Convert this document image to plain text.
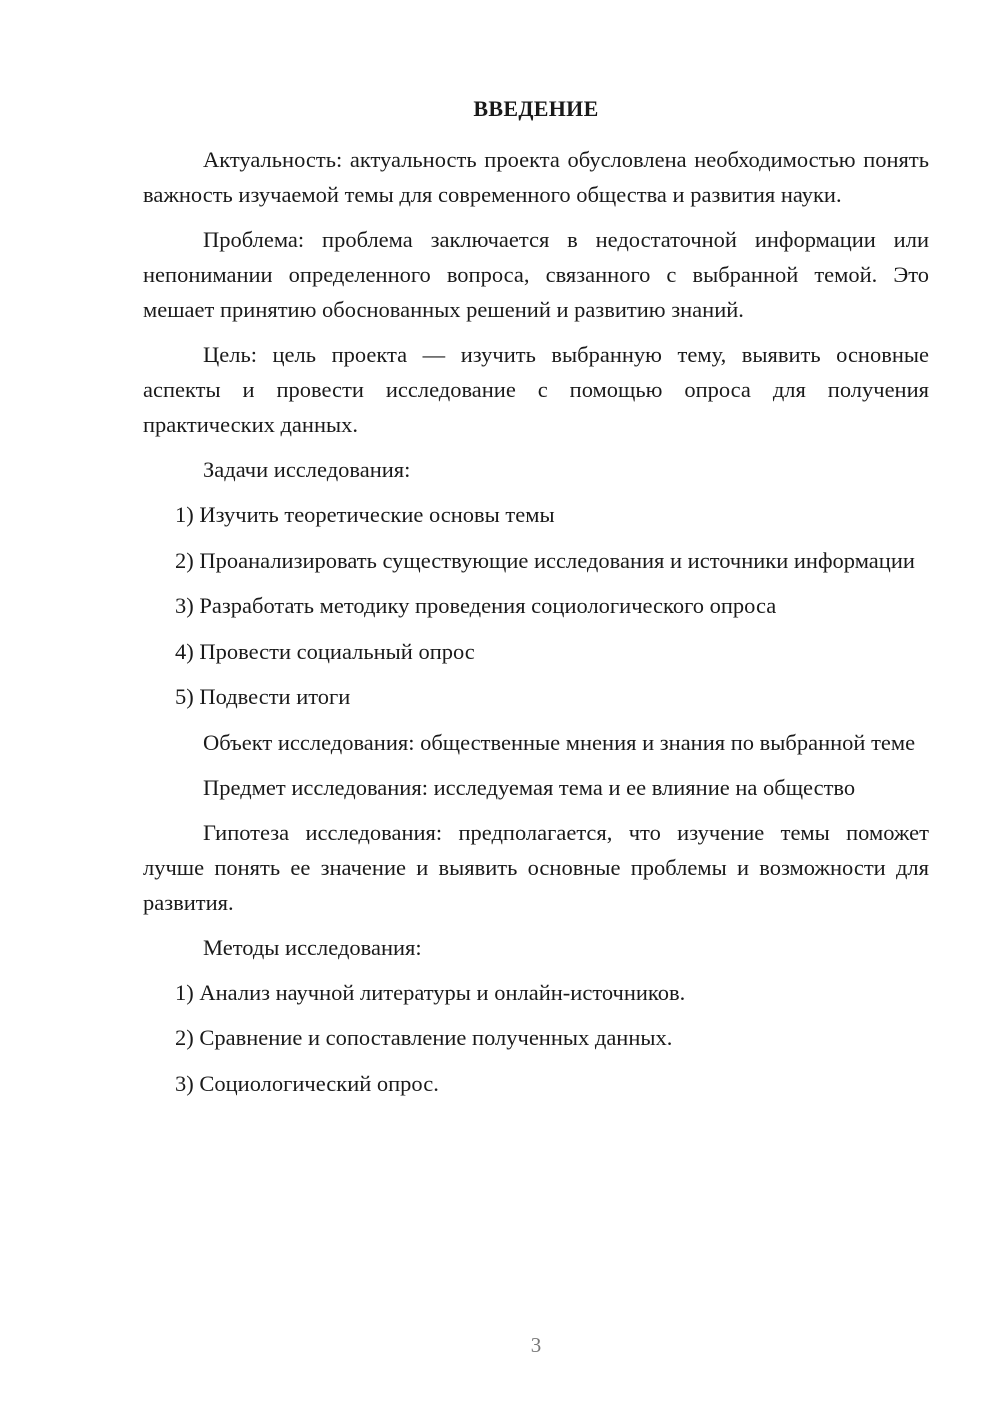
ВВЕДЕНИЕ

Актуальность: актуальность проекта обусловлена необходимостью понять важность изучаемой темы для современного общества и развития науки.

Проблема: проблема заключается в недостаточной информации или непонимании определенного вопроса, связанного с выбранной темой. Это мешает принятию обоснованных решений и развитию знаний.

Цель: цель проекта — изучить выбранную тему, выявить основные аспекты и провести исследование с помощью опроса для получения практических данных.

Задачи исследования:

1) Изучить теоретические основы темы

2) Проанализировать существующие исследования и источники информации

3) Разработать методику проведения социологического опроса

4) Провести социальный опрос

5) Подвести итоги

Объект исследования: общественные мнения и знания по выбранной теме

Предмет исследования: исследуемая тема и ее влияние на общество

Гипотеза исследования: предполагается, что изучение темы поможет лучше понять ее значение и выявить основные проблемы и возможности для развития.

Методы исследования:

1) Анализ научной литературы и онлайн-источников.

2) Сравнение и сопоставление полученных данных.

3) Социологический опрос.

3
